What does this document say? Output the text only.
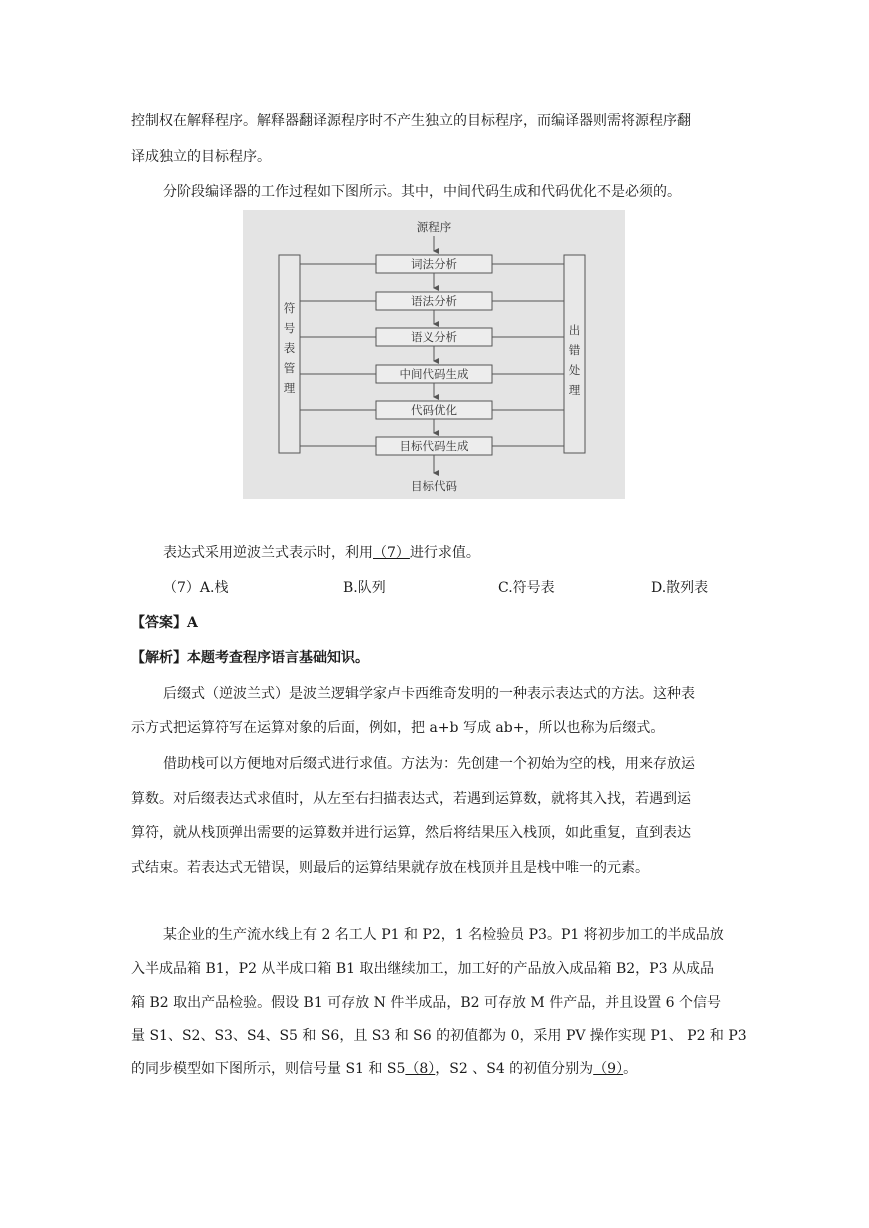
控制权在解释程序。解释器翻译源程序时不产生独立的目标程序，而编译器则需将源程序翻
译成独立的目标程序。
分阶段编译器的工作过程如下图所示。其中，中间代码生成和代码优化不是必须的。
源程序
符
号
表
管
理
出
错
处
理
词法分析
语法分析
语义分析
中间代码生成
代码优化
目标代码生成
目标代码
表达式采用逆波兰式表示时，利用（7）进行求值。
（7）A.栈	B.队列	C.符号表	D.散列表
【答案】A
【解析】本题考查程序语言基础知识。
后缀式（逆波兰式）是波兰逻辑学家卢卡西维奇发明的一种表示表达式的方法。这种表
示方式把运算符写在运算对象的后面，例如，把 a+b 写成 ab+，所以也称为后缀式。
借助栈可以方便地对后缀式进行求值。方法为：先创建一个初始为空的栈，用来存放运
算数。对后缀表达式求值时，从左至右扫描表达式，若遇到运算数，就将其入找，若遇到运
算符，就从栈顶弹出需要的运算数并进行运算，然后将结果压入栈顶，如此重复，直到表达
式结束。若表达式无错误，则最后的运算结果就存放在栈顶并且是栈中唯一的元素。
某企业的生产流水线上有 2 名工人 P1 和 P2，1 名检验员 P3。P1 将初步加工的半成品放
入半成品箱 B1，P2 从半成口箱 B1 取出继续加工，加工好的产品放入成品箱 B2，P3 从成品
箱 B2 取出产品检验。假设 B1 可存放 N 件半成品，B2 可存放 M 件产品，并且设置 6 个信号
量 S1、S2、S3、S4、S5 和 S6，且 S3 和 S6 的初值都为 0，采用 PV 操作实现 P1、 P2 和 P3
的同步模型如下图所示，则信号量 S1 和 S5（8），S2 、S4 的初值分别为（9）。
